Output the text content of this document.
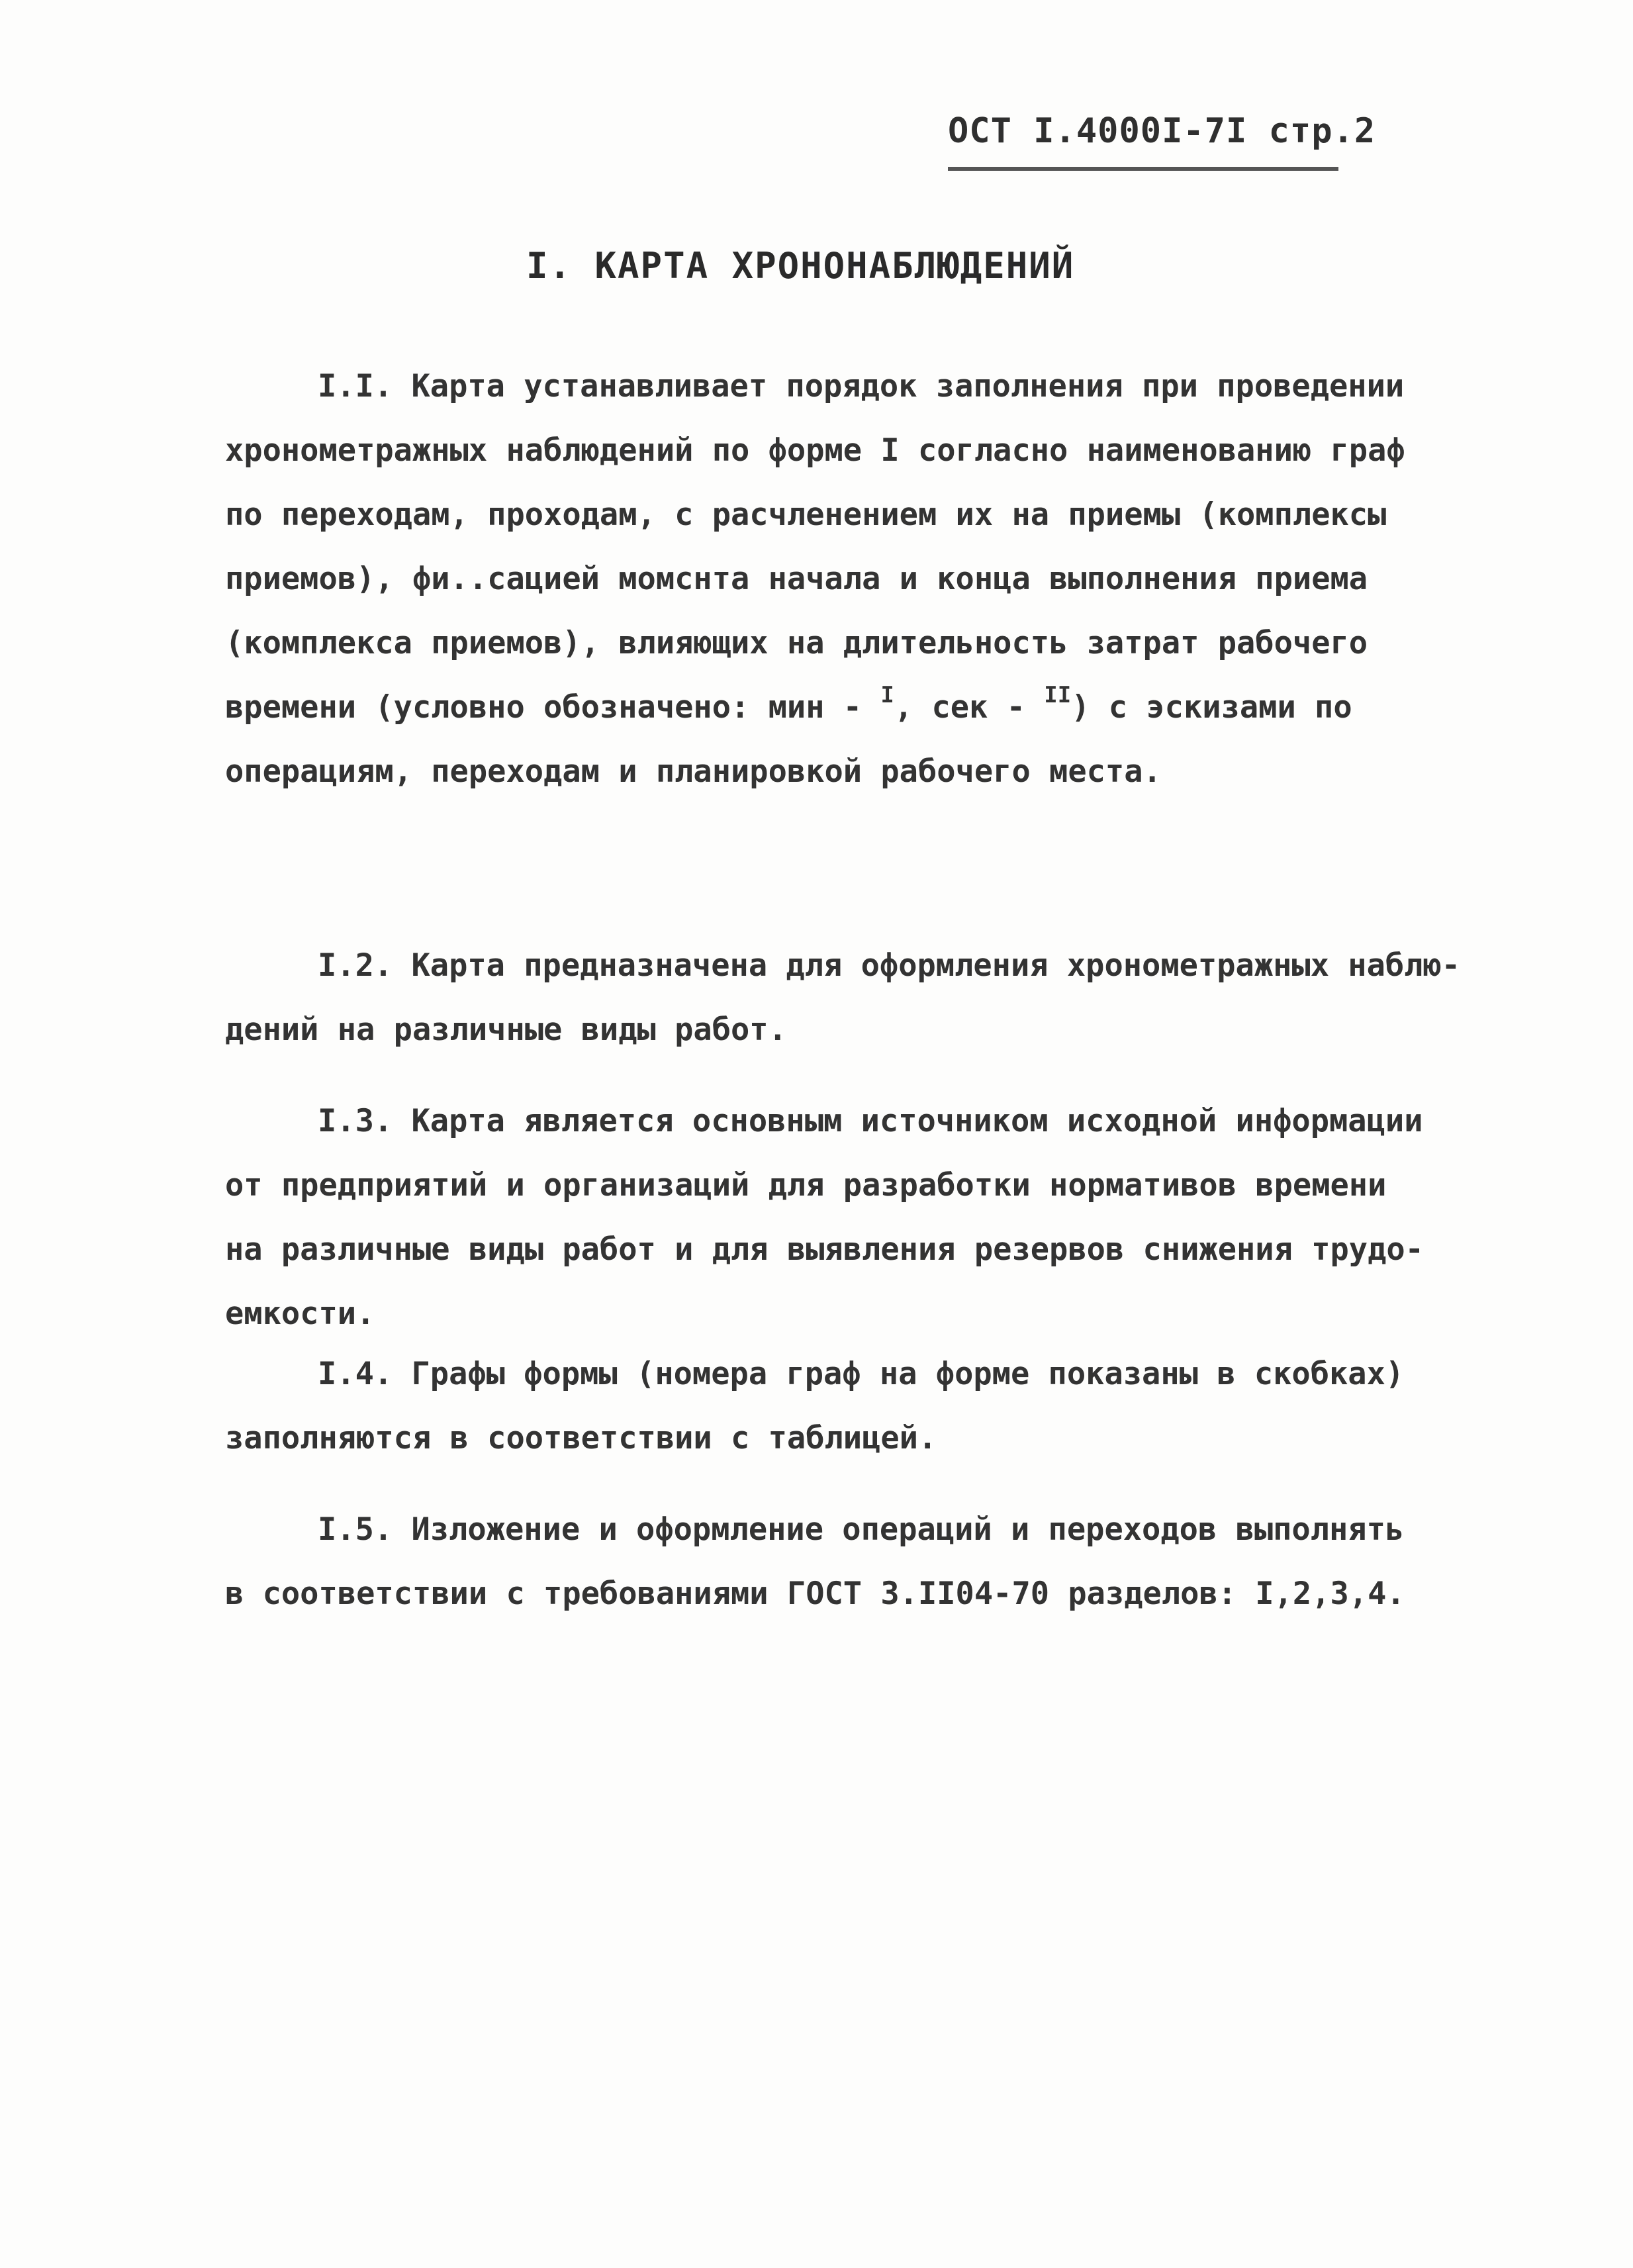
ОСТ I.4000I-7I стр.2
I. КАРТА ХРОНОНАБЛЮДЕНИЙ
I.I. Карта устанавливает порядок заполнения при проведении
хронометражных наблюдений по форме I согласно наименованию граф
по переходам, проходам, с расчленением их на приемы (комплексы
приемов), фи..сацией момснта начала и конца выполнения приема
(комплекса приемов), влияющих на длительность затрат рабочего
времени (условно обозначено: мин - $^I$, сек - $^{II}$) с эскизами по
операциям, переходам и планировкой рабочего места.
I.2. Карта предназначена для оформления хронометражных наблю-
дений на различные виды работ.
I.3. Карта является основным источником исходной информации
от предприятий и организаций для разработки нормативов времени
на различные виды работ и для выявления резервов снижения трудо-
емкости.
I.4. Графы формы (номера граф на форме показаны в скобках)
заполняются в соответствии с таблицей.
I.5. Изложение и оформление операций и переходов выполнять
в соответствии с требованиями ГОСТ 3.II04-70 разделов: I,2,3,4.
